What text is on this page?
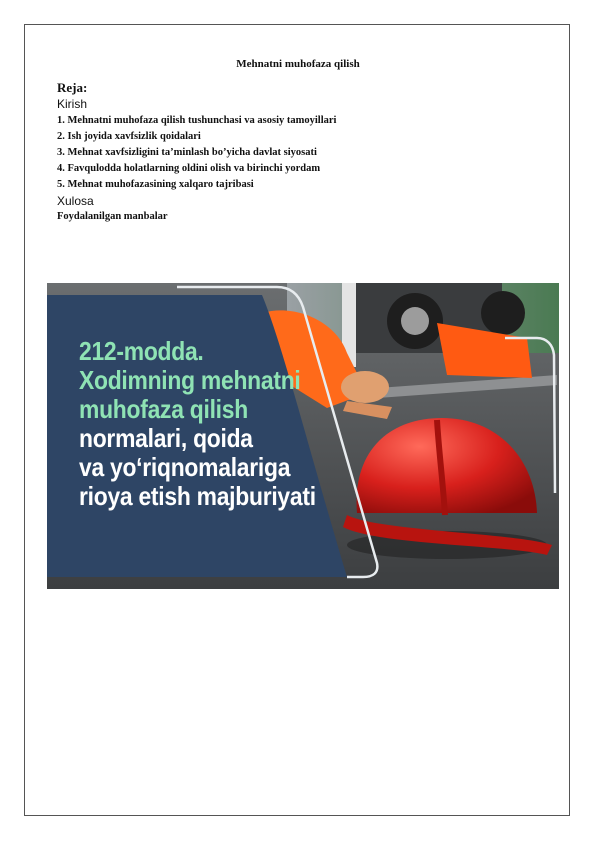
Mehnatni muhofaza qilish

Reja:

Kirish

1. Mehnatni muhofaza qilish tushunchasi va asosiy tamoyillari
2. Ish joyida xavfsizlik qoidalari
3. Mehnat xavfsizligini ta’minlash bo’yicha davlat siyosati
4. Favqulodda holatlarning oldini olish va birinchi yordam
5. Mehnat muhofazasining xalqaro tajribasi

Xulosa

Foydalanilgan manbalar

212-modda.
Xodimning mehnatni
muhofaza qilish
normalari, qoida
va yo‘riqnomalariga
rioya etish majburiyati
